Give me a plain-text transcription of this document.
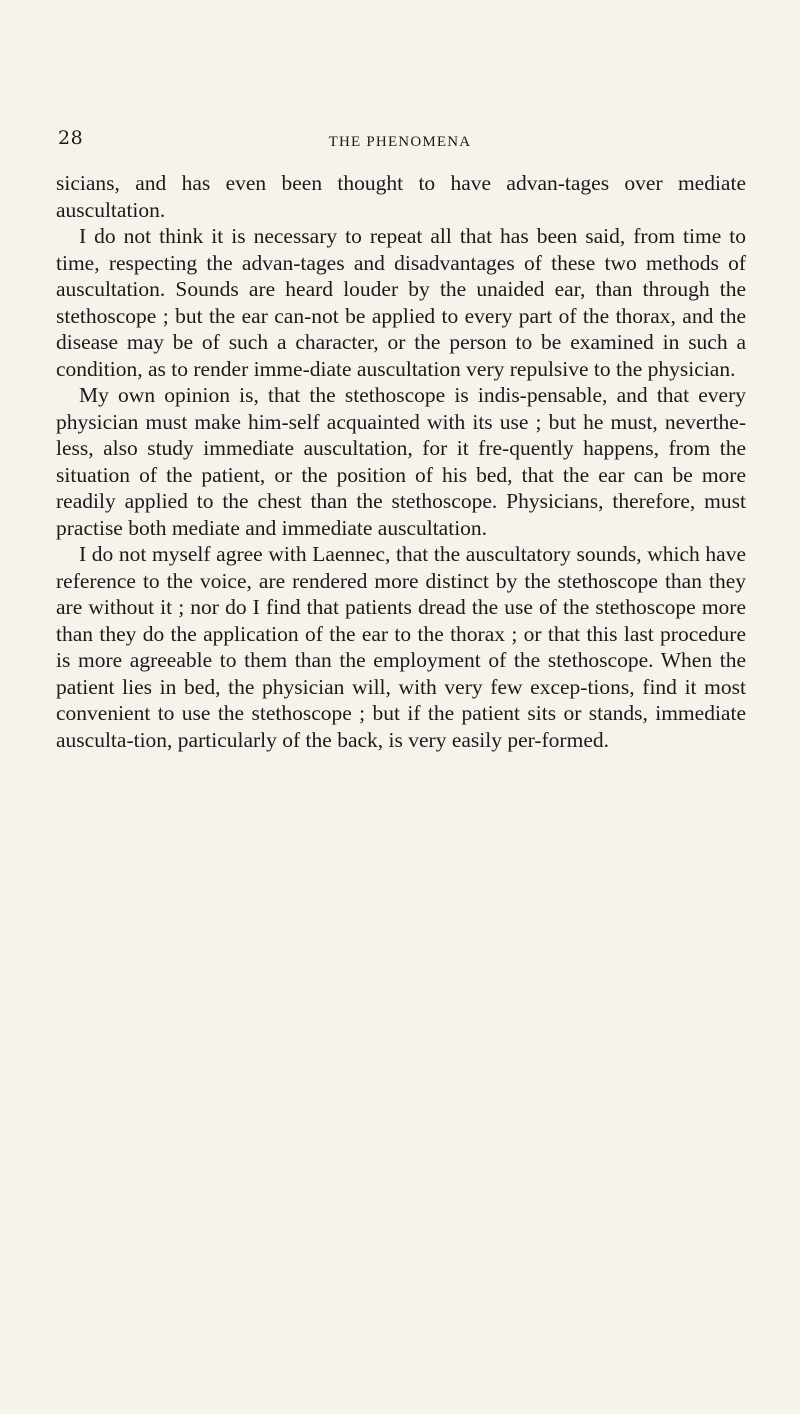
28	THE PHENOMENA

sicians, and has even been thought to have advan-tages over mediate auscultation.

I do not think it is necessary to repeat all that has been said, from time to time, respecting the advan-tages and disadvantages of these two methods of auscultation. Sounds are heard louder by the unaided ear, than through the stethoscope ; but the ear can-not be applied to every part of the thorax, and the disease may be of such a character, or the person to be examined in such a condition, as to render imme-diate auscultation very repulsive to the physician.

My own opinion is, that the stethoscope is indis-pensable, and that every physician must make him-self acquainted with its use ; but he must, neverthe-less, also study immediate auscultation, for it fre-quently happens, from the situation of the patient, or the position of his bed, that the ear can be more readily applied to the chest than the stethoscope. Physicians, therefore, must practise both mediate and immediate auscultation.

I do not myself agree with Laennec, that the auscultatory sounds, which have reference to the voice, are rendered more distinct by the stethoscope than they are without it ; nor do I find that patients dread the use of the stethoscope more than they do the application of the ear to the thorax ; or that this last procedure is more agreeable to them than the employment of the stethoscope. When the patient lies in bed, the physician will, with very few excep-tions, find it most convenient to use the stethoscope ; but if the patient sits or stands, immediate ausculta-tion, particularly of the back, is very easily per-formed.
